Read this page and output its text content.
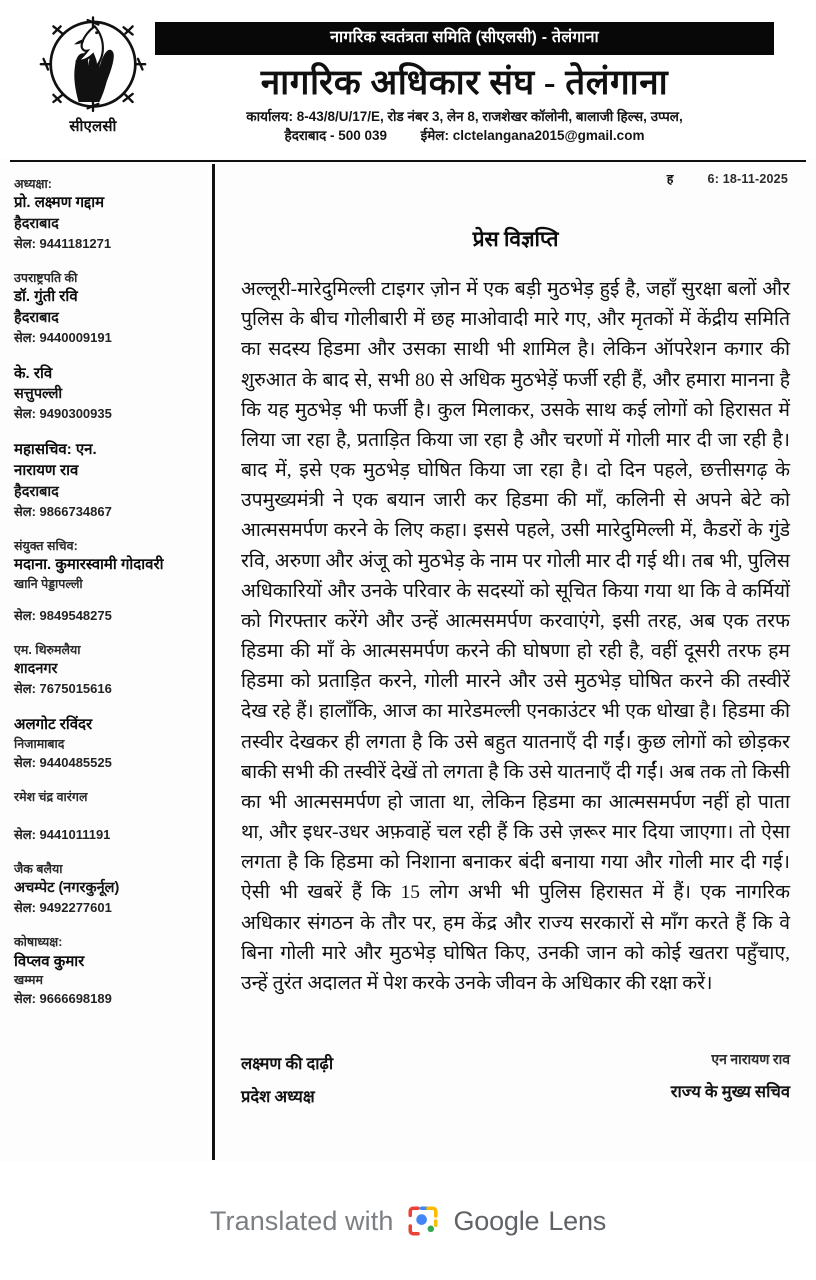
सीएलसी
नागरिक स्वतंत्रता समिति (सीएलसी) - तेलंगाना
नागरिक अधिकार संघ - तेलंगाना
कार्यालय: 8-43/8/U/17/E, रोड नंबर 3, लेन 8, राजशेखर कॉलोनी, बालाजी हिल्स, उप्पल,
हैदराबाद - 500 039 ईमेल: clctelangana2015@gmail.com
अध्यक्षा:
प्रो. लक्ष्मण गद्दाम
हैदराबाद
सेल: 9441181271
उपराष्ट्रपति की
डॉ. गुंती रवि
हैदराबाद
सेल: 9440009191
के. रवि
सत्तुपल्ली
सेल: 9490300935
महासचिव: एन.
नारायण राव
हैदराबाद
सेल: 9866734867
संयुक्त सचिव:
मदाना. कुमारस्वामी गोदावरी
खानि पेड्डापल्ली
सेल: 9849548275
एम. थिरुमलैया
शादनगर
सेल: 7675015616
अलगोट रविंदर
निजामाबाद
सेल: 9440485525
रमेश चंद्र वारंगल
सेल: 9441011191
जैक बलैया
अचम्पेट (नगरकुर्नूल)
सेल: 9492277601
कोषाध्यक्ष:
विप्लव कुमार
खम्मम
सेल: 9666698189
ह	6: 18-11-2025
प्रेस विज्ञप्ति
अल्लूरी-मारेदुमिल्ली टाइगर ज़ोन में एक बड़ी मुठभेड़ हुई है, जहाँ सुरक्षा बलों और पुलिस के बीच गोलीबारी में छह माओवादी मारे गए, और मृतकों में केंद्रीय समिति का सदस्य हिडमा और उसका साथी भी शामिल है। लेकिन ऑपरेशन कगार की शुरुआत के बाद से, सभी 80 से अधिक मुठभेड़ें फर्जी रही हैं, और हमारा मानना है कि यह मुठभेड़ भी फर्जी है। कुल मिलाकर, उसके साथ कई लोगों को हिरासत में लिया जा रहा है, प्रताड़ित किया जा रहा है और चरणों में गोली मार दी जा रही है। बाद में, इसे एक मुठभेड़ घोषित किया जा रहा है। दो दिन पहले, छत्तीसगढ़ के उपमुख्यमंत्री ने एक बयान जारी कर हिडमा की माँ, कलिनी से अपने बेटे को आत्मसमर्पण करने के लिए कहा। इससे पहले, उसी मारेदुमिल्ली में, कैडरों के गुंडे रवि, अरुणा और अंजू को मुठभेड़ के नाम पर गोली मार दी गई थी। तब भी, पुलिस अधिकारियों और उनके परिवार के सदस्यों को सूचित किया गया था कि वे कर्मियों को गिरफ्तार करेंगे और उन्हें आत्मसमर्पण करवाएंगे, इसी तरह, अब एक तरफ हिडमा की माँ के आत्मसमर्पण करने की घोषणा हो रही है, वहीं दूसरी तरफ हम हिडमा को प्रताड़ित करने, गोली मारने और उसे मुठभेड़ घोषित करने की तस्वीरें देख रहे हैं। हालाँकि, आज का मारेडमल्ली एनकाउंटर भी एक धोखा है। हिडमा की तस्वीर देखकर ही लगता है कि उसे बहुत यातनाएँ दी गईं। कुछ लोगों को छोड़कर बाकी सभी की तस्वीरें देखें तो लगता है कि उसे यातनाएँ दी गईं। अब तक तो किसी का भी आत्मसमर्पण हो जाता था, लेकिन हिडमा का आत्मसमर्पण नहीं हो पाता था, और इधर-उधर अफ़वाहें चल रही हैं कि उसे ज़रूर मार दिया जाएगा। तो ऐसा लगता है कि हिडमा को निशाना बनाकर बंदी बनाया गया और गोली मार दी गई। ऐसी भी खबरें हैं कि 15 लोग अभी भी पुलिस हिरासत में हैं। एक नागरिक अधिकार संगठन के तौर पर, हम केंद्र और राज्य सरकारों से माँग करते हैं कि वे बिना गोली मारे और मुठभेड़ घोषित किए, उनकी जान को कोई खतरा पहुँचाए, उन्हें तुरंत अदालत में पेश करके उनके जीवन के अधिकार की रक्षा करें।
लक्ष्मण की दाढ़ी
प्रदेश अध्यक्ष
एन नारायण राव
राज्य के मुख्य सचिव
Translated with Google Lens
